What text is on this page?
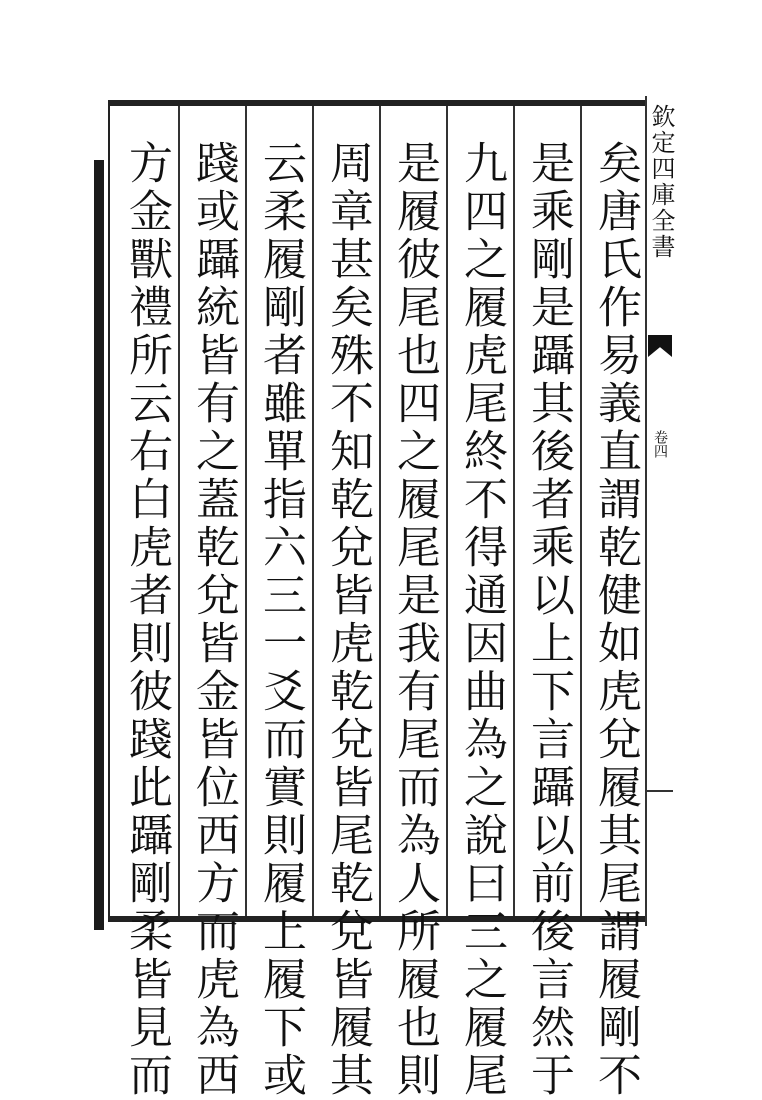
矣唐氏作易義直謂乾健如虎兌履其尾謂履剛不
是乘剛是躡其後者乘以上下言躡以前後言然于
九四之履虎尾終不得通因曲為之說曰三之履尾
是履彼尾也四之履尾是我有尾而為人所履也則
周章甚矣殊不知乾兌皆虎乾兌皆尾乾兌皆履其
云柔履剛者雖單指六三一爻而實則履上履下或
踐或躡統皆有之蓋乾兌皆金皆位西方而虎為西
方金獸禮所云右白虎者則彼踐此躡剛柔皆見而	欽定四庫全書
卷四
